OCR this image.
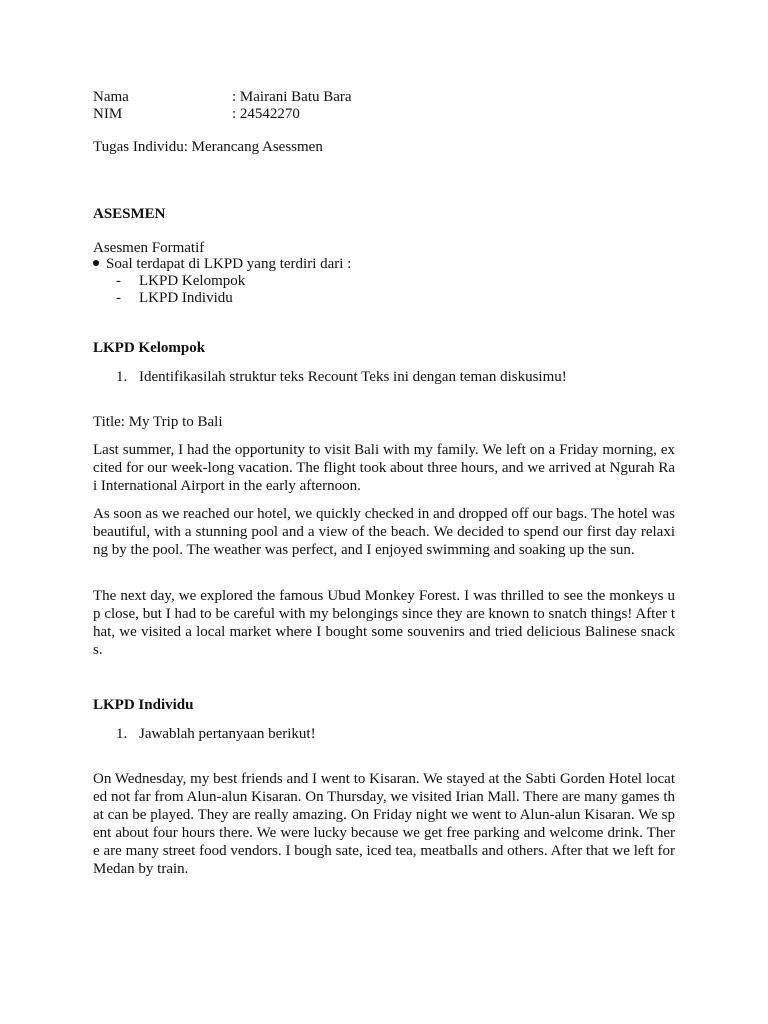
Nama	: Mairani Batu Bara
NIM	: 24542270
Tugas Individu: Merancang Asessmen
ASESMEN
Asesmen Formatif
Soal terdapat di LKPD yang terdiri dari :
- LKPD Kelompok
- LKPD Individu
LKPD Kelompok
1. Identifikasilah struktur teks Recount Teks ini dengan teman diskusimu!
Title: My Trip to Bali
Last summer, I had the opportunity to visit Bali with my family. We left on a Friday morning, excited for our week-long vacation. The flight took about three hours, and we arrived at Ngurah Rai International Airport in the early afternoon.
As soon as we reached our hotel, we quickly checked in and dropped off our bags. The hotel was beautiful, with a stunning pool and a view of the beach. We decided to spend our first day relaxing by the pool. The weather was perfect, and I enjoyed swimming and soaking up the sun.
The next day, we explored the famous Ubud Monkey Forest. I was thrilled to see the monkeys up close, but I had to be careful with my belongings since they are known to snatch things! After that, we visited a local market where I bought some souvenirs and tried delicious Balinese snacks.
LKPD Individu
1. Jawablah pertanyaan berikut!
On Wednesday, my best friends and I went to Kisaran. We stayed at the Sabti Gorden Hotel located not far from Alun-alun Kisaran. On Thursday, we visited Irian Mall. There are many games that can be played. They are really amazing. On Friday night we went to Alun-alun Kisaran. We spent about four hours there. We were lucky because we get free parking and welcome drink. There are many street food vendors. I bough sate, iced tea, meatballs and others. After that we left for Medan by train.
